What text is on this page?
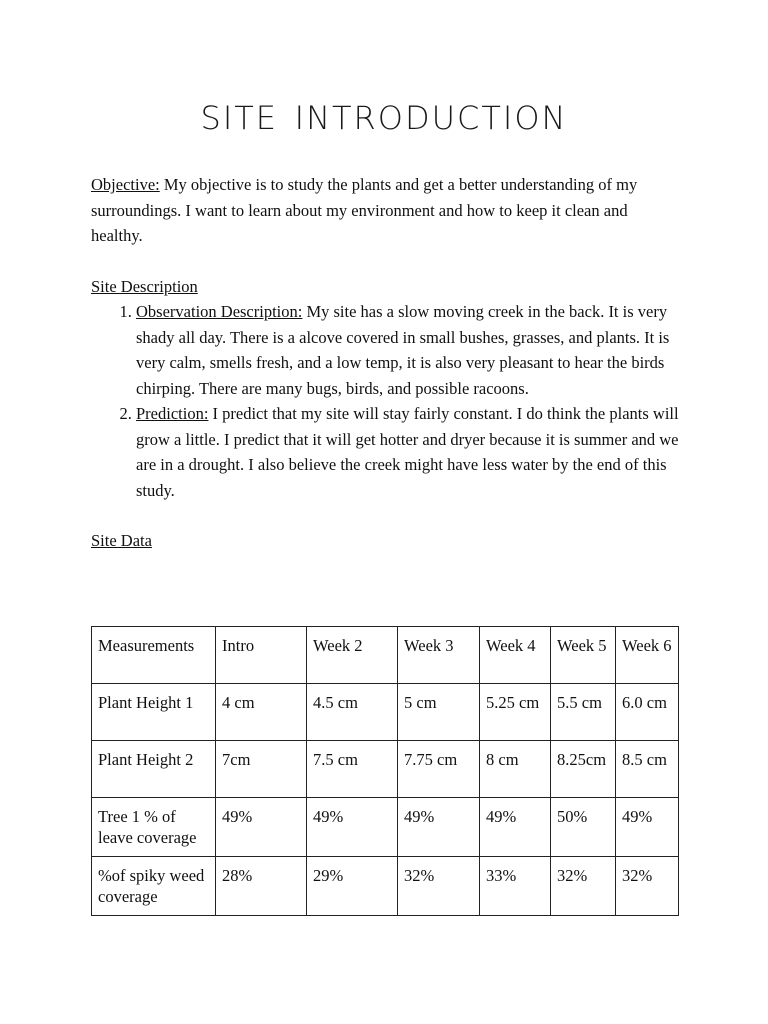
site introduction

Objective: My objective is to study the plants and get a better understanding of my surroundings. I want to learn about my environment and how to keep it clean and healthy.

Site Description

1. Observation Description: My site has a slow moving creek in the back. It is very shady all day. There is a alcove covered in small bushes, grasses, and plants. It is very calm, smells fresh, and a low temp, it is also very pleasant to hear the birds chirping. There are many bugs, birds, and possible racoons.
2. Prediction: I predict that my site will stay fairly constant. I do think the plants will grow a little. I predict that it will get hotter and dryer because it is summer and we are in a drought. I also believe the creek might have less water by the end of this study.

Site Data

Measurements	Intro	Week 2	Week 3	Week 4	Week 5	Week 6
Plant Height 1	4 cm	4.5 cm	5 cm	5.25 cm	5.5 cm	6.0 cm
Plant Height 2	7cm	7.5 cm	7.75 cm	8 cm	8.25cm	8.5 cm
Tree 1 % of leave coverage	49%	49%	49%	49%	50%	49%
%of spiky weed coverage	28%	29%	32%	33%	32%	32%
